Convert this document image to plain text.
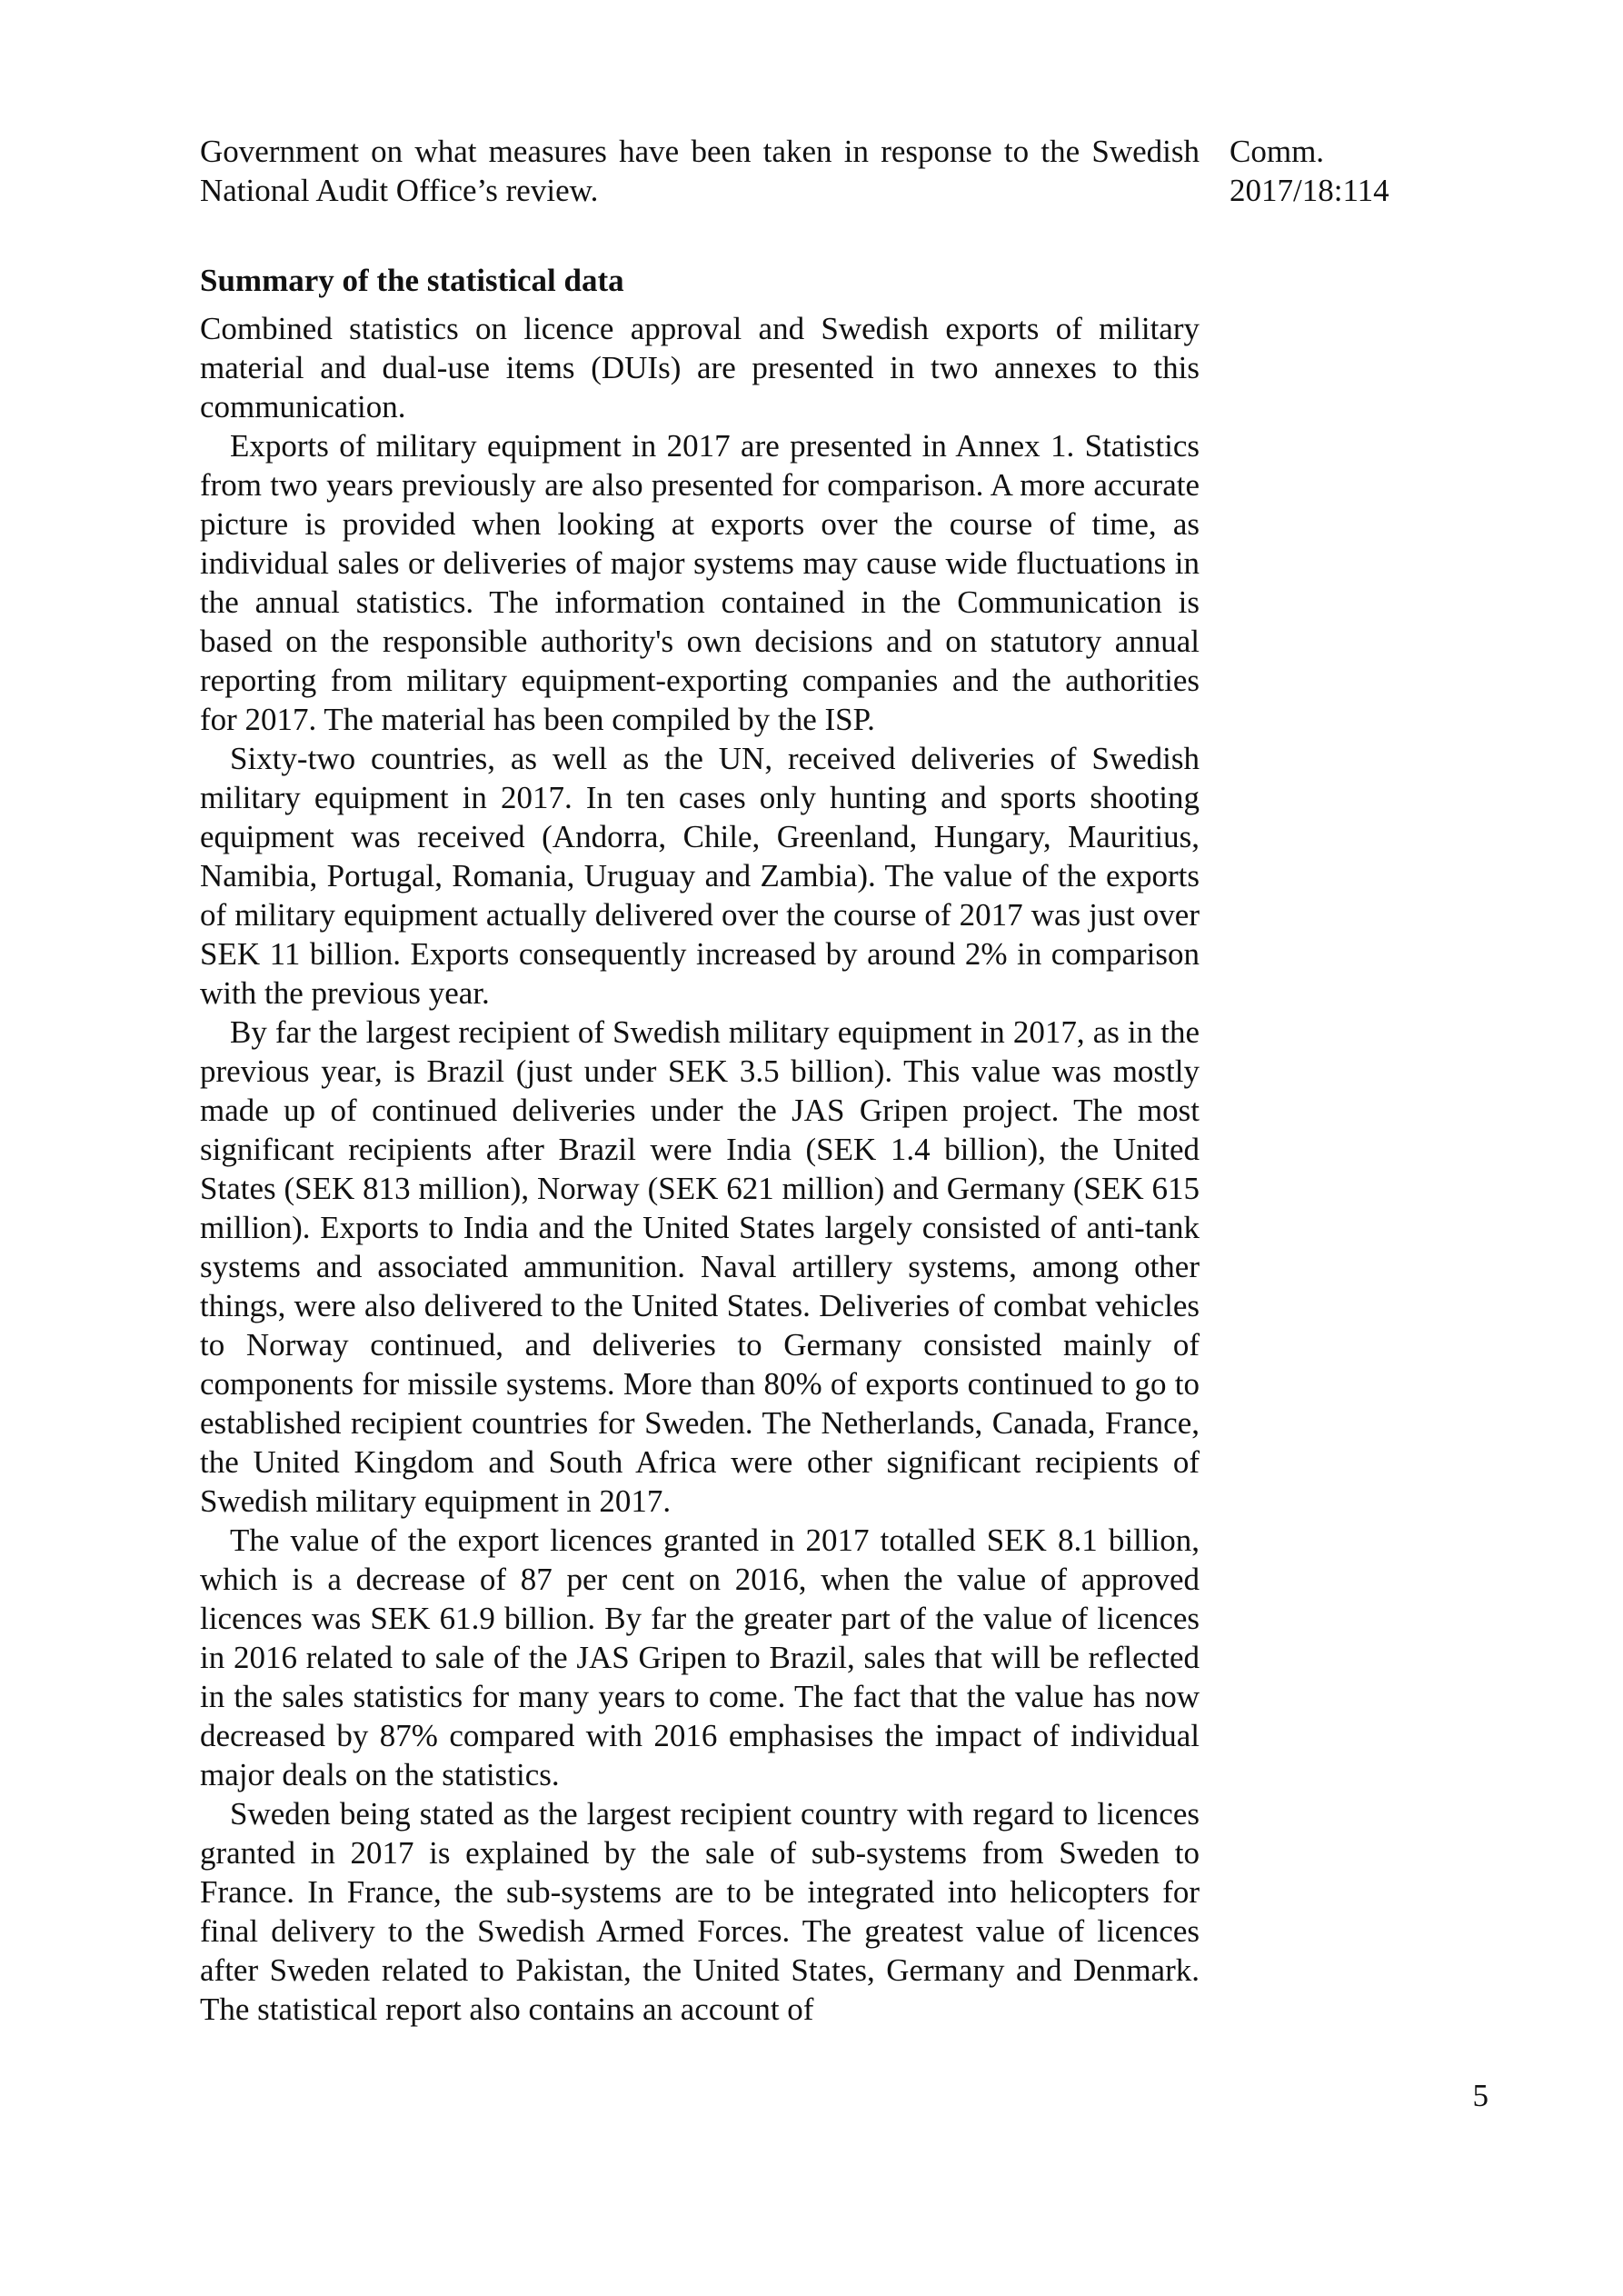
Comm.
2017/18:114

Government on what measures have been taken in response to the Swedish National Audit Office’s review.

Summary of the statistical data

Combined statistics on licence approval and Swedish exports of military material and dual-use items (DUIs) are presented in two annexes to this communication.

Exports of military equipment in 2017 are presented in Annex 1. Statistics from two years previously are also presented for comparison. A more accurate picture is provided when looking at exports over the course of time, as individual sales or deliveries of major systems may cause wide fluctuations in the annual statistics. The information contained in the Communication is based on the responsible authority's own decisions and on statutory annual reporting from military equipment-exporting companies and the authorities for 2017. The material has been compiled by the ISP.

Sixty-two countries, as well as the UN, received deliveries of Swedish military equipment in 2017. In ten cases only hunting and sports shooting equipment was received (Andorra, Chile, Greenland, Hungary, Mauritius, Namibia, Portugal, Romania, Uruguay and Zambia). The value of the exports of military equipment actually delivered over the course of 2017 was just over SEK 11 billion. Exports consequently increased by around 2% in comparison with the previous year.

By far the largest recipient of Swedish military equipment in 2017, as in the previous year, is Brazil (just under SEK 3.5 billion). This value was mostly made up of continued deliveries under the JAS Gripen project. The most significant recipients after Brazil were India (SEK 1.4 billion), the United States (SEK 813 million), Norway (SEK 621 million) and Germany (SEK 615 million). Exports to India and the United States largely consisted of anti-tank systems and associated ammunition. Naval artillery systems, among other things, were also delivered to the United States. Deliveries of combat vehicles to Norway continued, and deliveries to Germany consisted mainly of components for missile systems. More than 80% of exports continued to go to established recipient countries for Sweden. The Netherlands, Canada, France, the United Kingdom and South Africa were other significant recipients of Swedish military equipment in 2017.

The value of the export licences granted in 2017 totalled SEK 8.1 billion, which is a decrease of 87 per cent on 2016, when the value of approved licences was SEK 61.9 billion. By far the greater part of the value of licences in 2016 related to sale of the JAS Gripen to Brazil, sales that will be reflected in the sales statistics for many years to come. The fact that the value has now decreased by 87% compared with 2016 emphasises the impact of individual major deals on the statistics.

Sweden being stated as the largest recipient country with regard to licences granted in 2017 is explained by the sale of sub-systems from Sweden to France. In France, the sub-systems are to be integrated into helicopters for final delivery to the Swedish Armed Forces. The greatest value of licences after Sweden related to Pakistan, the United States, Germany and Denmark. The statistical report also contains an account of

5
